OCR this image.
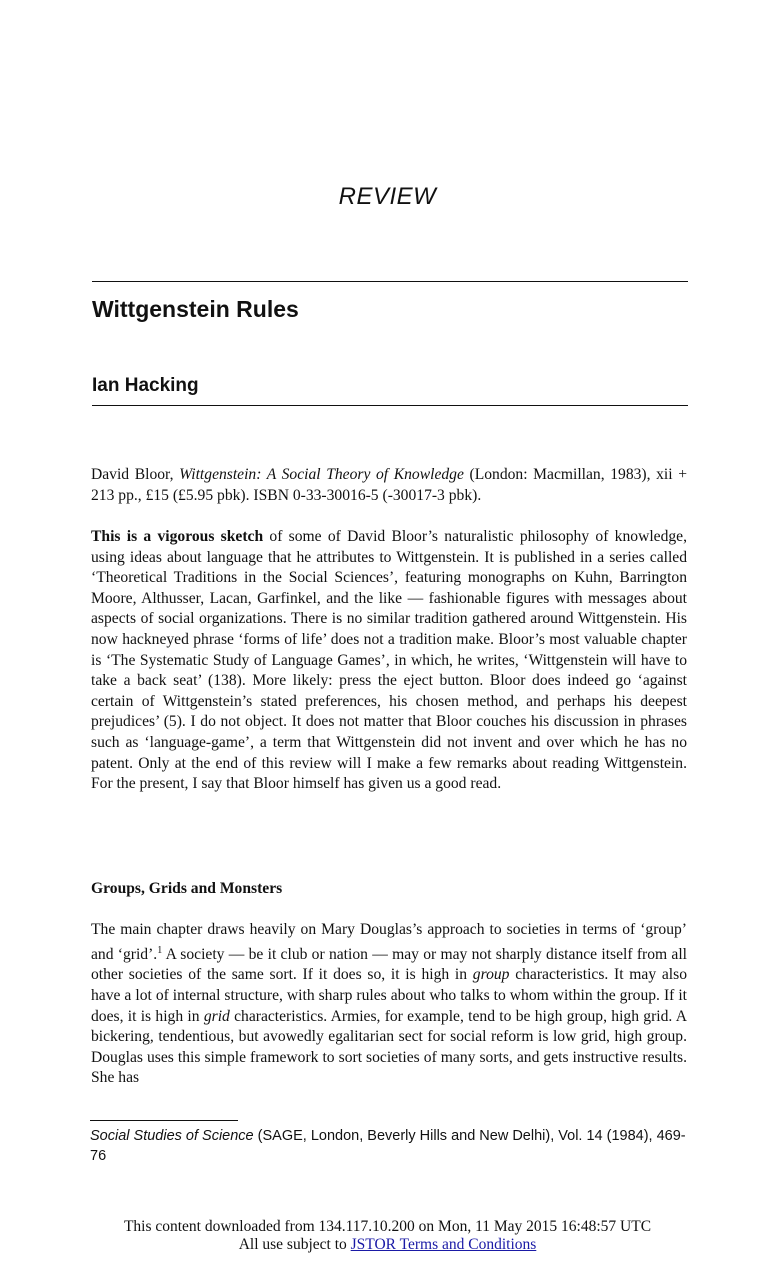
REVIEW
Wittgenstein Rules
Ian Hacking

David Bloor, Wittgenstein: A Social Theory of Knowledge (London: Macmillan, 1983), xii + 213 pp., £15 (£5.95 pbk). ISBN 0-33-30016-5 (-30017-3 pbk).

This is a vigorous sketch of some of David Bloor’s naturalistic philosophy of knowledge, using ideas about language that he attributes to Wittgenstein. It is published in a series called ‘Theoretical Traditions in the Social Sciences’, featuring monographs on Kuhn, Barrington Moore, Althusser, Lacan, Garfinkel, and the like — fashionable figures with messages about aspects of social organizations. There is no similar tradition gathered around Wittgenstein. His now hackneyed phrase ‘forms of life’ does not a tradition make. Bloor’s most valuable chapter is ‘The Systematic Study of Language Games’, in which, he writes, ‘Wittgenstein will have to take a back seat’ (138). More likely: press the eject button. Bloor does indeed go ‘against certain of Wittgenstein’s stated preferences, his chosen method, and perhaps his deepest prejudices’ (5). I do not object. It does not matter that Bloor couches his discussion in phrases such as ‘language-game’, a term that Wittgenstein did not invent and over which he has no patent. Only at the end of this review will I make a few remarks about reading Wittgenstein. For the present, I say that Bloor himself has given us a good read.

Groups, Grids and Monsters

The main chapter draws heavily on Mary Douglas’s approach to societies in terms of ‘group’ and ‘grid’.$^1$ A society — be it club or nation — may or may not sharply distance itself from all other societies of the same sort. If it does so, it is high in group characteristics. It may also have a lot of internal structure, with sharp rules about who talks to whom within the group. If it does, it is high in grid characteristics. Armies, for example, tend to be high group, high grid. A bickering, tendentious, but avowedly egalitarian sect for social reform is low grid, high group. Douglas uses this simple framework to sort societies of many sorts, and gets instructive results. She has

Social Studies of Science (SAGE, London, Beverly Hills and New Delhi), Vol. 14 (1984), 469-76

This content downloaded from 134.117.10.200 on Mon, 11 May 2015 16:48:57 UTC
All use subject to JSTOR Terms and Conditions
